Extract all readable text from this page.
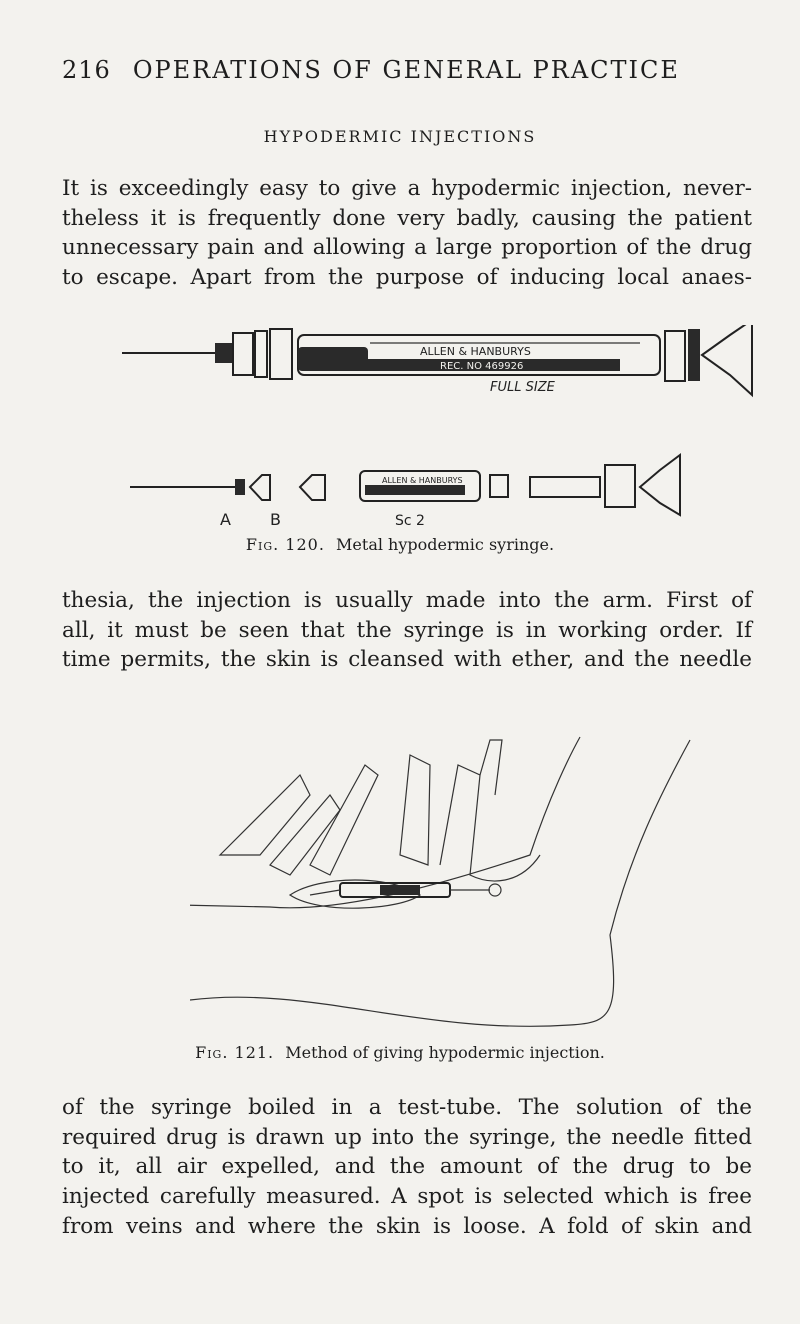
216 OPERATIONS OF GENERAL PRACTICE
HYPODERMIC INJECTIONS

It is exceedingly easy to give a hypodermic injection, never-
theless it is frequently done very badly, causing the patient
unnecessary pain and allowing a large proportion of the drug
to escape. Apart from the purpose of inducing local anaes-

ALLEN & HANBURYS
REC. NO 469926
FULL SIZE
ALLEN & HANBURYS
A B	Sc 2
Fig. 120. Metal hypodermic syringe.

thesia, the injection is usually made into the arm. First of
all, it must be seen that the syringe is in working order. If
time permits, the skin is cleansed with ether, and the needle

Fig. 121. Method of giving hypodermic injection.

of the syringe boiled in a test-tube. The solution of the
required drug is drawn up into the syringe, the needle fitted
to it, all air expelled, and the amount of the drug to be
injected carefully measured. A spot is selected which is free
from veins and where the skin is loose. A fold of skin and
